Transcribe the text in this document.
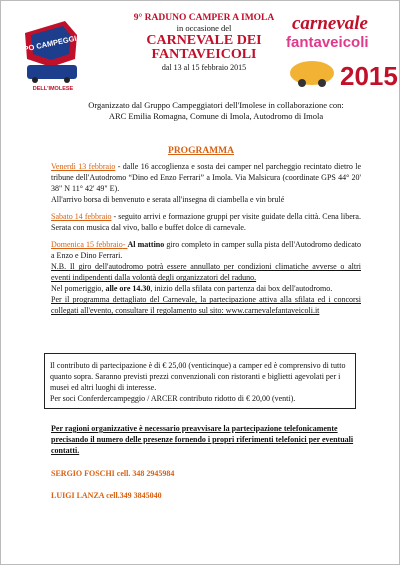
GRUPPO CAMPEGGIATORI
DELL'IMOLESE
9° RADUNO CAMPER A IMOLA
in occasione del
CARNEVALE DEI
FANTAVEICOLI
dal 13 al 15 febbraio 2015
carnevale
fantaveicoli
2015
Organizzato dal Gruppo Campeggiatori dell'Imolese in collaborazione con:
ARC Emilia Romagna, Comune di Imola, Autodromo di Imola
PROGRAMMA

Venerdì 13 febbraio - dalle 16 accoglienza e sosta dei camper nel parcheggio recintato dietro le tribune dell'Autodromo “Dino ed Enzo Ferrari” a Imola. Via Malsicura (coordinate GPS 44° 20' 38" N 11° 42' 49" E).

All'arrivo borsa di benvenuto e serata all'insegna di ciambella e vin brulé

Sabato 14 febbraio - seguito arrivi e formazione gruppi per visite guidate della città. Cena libera. Serata con musica dal vivo, ballo e buffet dolce di carnevale.

Domenica 15 febbraio- Al mattino giro completo in camper sulla pista dell'Autodromo dedicato a Enzo e Dino Ferrari.

N.B. Il giro dell'autodromo potrà essere annullato per condizioni climatiche avverse o altri eventi indipendenti dalla volontà degli organizzatori del raduno.

Nel pomeriggio, alle ore 14.30, inizio della sfilata con partenza dai box dell'autodromo.

Per il programma dettagliato del Carnevale, la partecipazione attiva alla sfilata ed i concorsi collegati all'evento, consultare il regolamento sul sito: www.carnevalefantaveicoli.it

Il contributo di partecipazione è di € 25,00 (venticinque) a camper ed è comprensivo di tutto quanto sopra. Saranno previsti prezzi convenzionali con ristoranti e biglietti agevolati per i musei ed altri luoghi di interesse.

Per soci Conferdercampeggio / ARCER contributo ridotto di € 20,00 (venti).

Per ragioni organizzative è necessario preavvisare la partecipazione telefonicamente precisando il numero delle presenze fornendo i propri riferimenti telefonici per eventuali contatti.
SERGIO FOSCHI cell. 348 2945984
LUIGI LANZA cell.349 3845040
